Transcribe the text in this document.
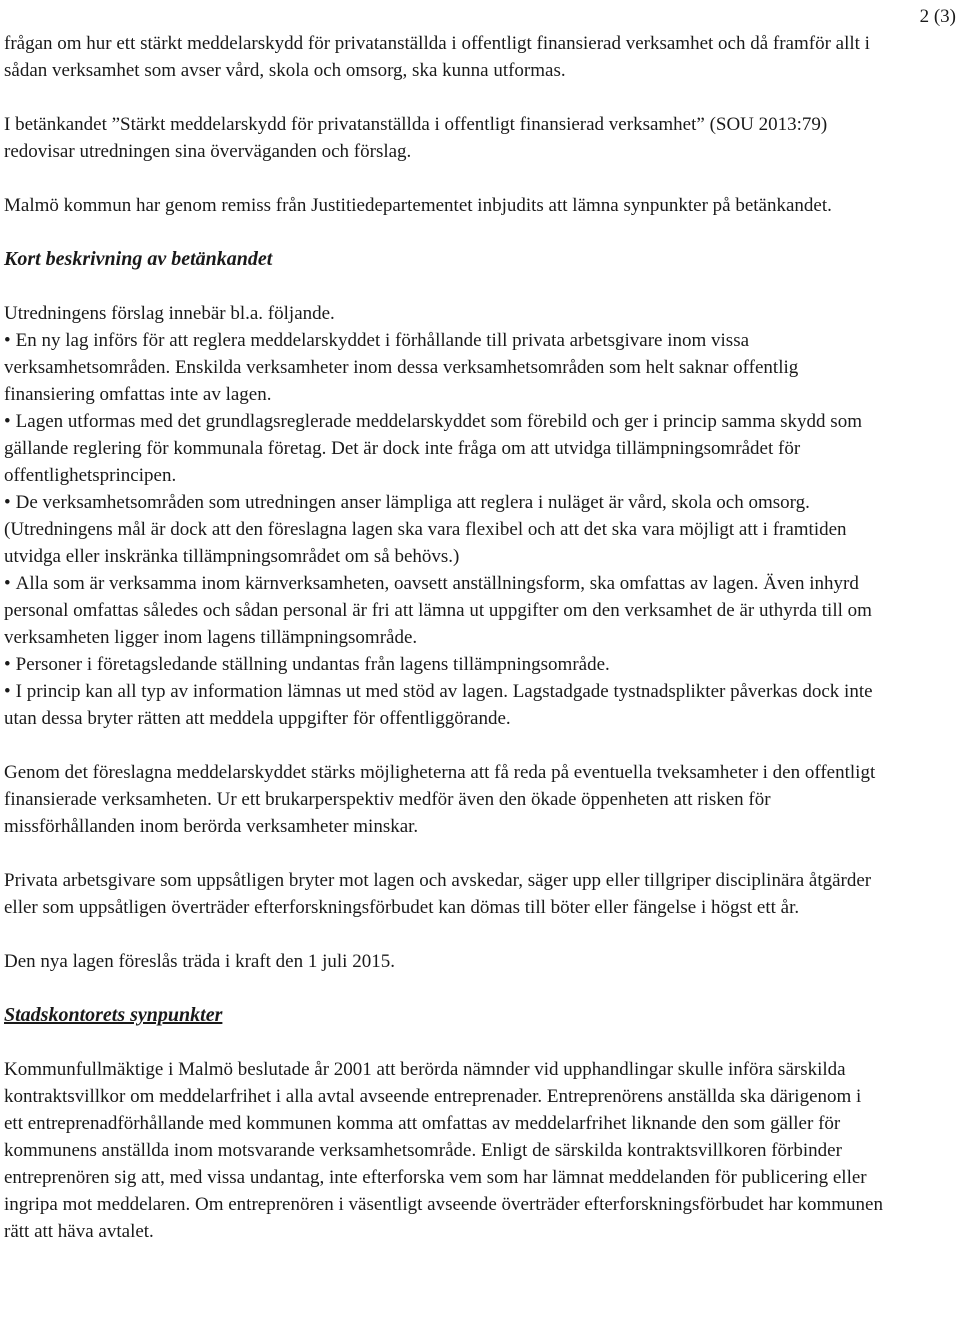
2 (3)

frågan om hur ett stärkt meddelarskydd för privatanställda i offentligt finansierad verksamhet och då framför allt i sådan verksamhet som avser vård, skola och omsorg, ska kunna utformas.

I betänkandet ”Stärkt meddelarskydd för privatanställda i offentligt finansierad verksamhet” (SOU 2013:79) redovisar utredningen sina överväganden och förslag.

Malmö kommun har genom remiss från Justitiedepartementet inbjudits att lämna synpunkter på betänkandet.

Kort beskrivning av betänkandet

Utredningens förslag innebär bl.a. följande.

• En ny lag införs för att reglera meddelarskyddet i förhållande till privata arbetsgivare inom vissa verksamhetsområden. Enskilda verksamheter inom dessa verksamhetsområden som helt saknar offentlig finansiering omfattas inte av lagen.

• Lagen utformas med det grundlagsreglerade meddelarskyddet som förebild och ger i princip samma skydd som gällande reglering för kommunala företag. Det är dock inte fråga om att utvidga tillämpningsområdet för offentlighetsprincipen.

• De verksamhetsområden som utredningen anser lämpliga att reglera i nuläget är vård, skola och omsorg. (Utredningens mål är dock att den föreslagna lagen ska vara flexibel och att det ska vara möjligt att i framtiden utvidga eller inskränka tillämpningsområdet om så behövs.)

• Alla som är verksamma inom kärnverksamheten, oavsett anställningsform, ska omfattas av lagen. Även inhyrd personal omfattas således och sådan personal är fri att lämna ut uppgifter om den verksamhet de är uthyrda till om verksamheten ligger inom lagens tillämpningsområde.

• Personer i företagsledande ställning undantas från lagens tillämpningsområde.

• I princip kan all typ av information lämnas ut med stöd av lagen. Lagstadgade tystnadsplikter påverkas dock inte utan dessa bryter rätten att meddela uppgifter för offentliggörande.

Genom det föreslagna meddelarskyddet stärks möjligheterna att få reda på eventuella tveksamheter i den offentligt finansierade verksamheten. Ur ett brukarperspektiv medför även den ökade öppenheten att risken för missförhållanden inom berörda verksamheter minskar.

Privata arbetsgivare som uppsåtligen bryter mot lagen och avskedar, säger upp eller tillgriper disciplinära åtgärder eller som uppsåtligen överträder efterforskningsförbudet kan dömas till böter eller fängelse i högst ett år.

Den nya lagen föreslås träda i kraft den 1 juli 2015.

Stadskontorets synpunkter

Kommunfullmäktige i Malmö beslutade år 2001 att berörda nämnder vid upphandlingar skulle införa särskilda kontraktsvillkor om meddelarfrihet i alla avtal avseende entreprenader. Entreprenörens anställda ska därigenom i ett entreprenadförhållande med kommunen komma att omfattas av meddelarfrihet liknande den som gäller för kommunens anställda inom motsvarande verksamhetsområde. Enligt de särskilda kontraktsvillkoren förbinder entreprenören sig att, med vissa undantag, inte efterforska vem som har lämnat meddelanden för publicering eller ingripa mot meddelaren. Om entreprenören i väsentligt avseende överträder efterforskningsförbudet har kommunen rätt att häva avtalet.
